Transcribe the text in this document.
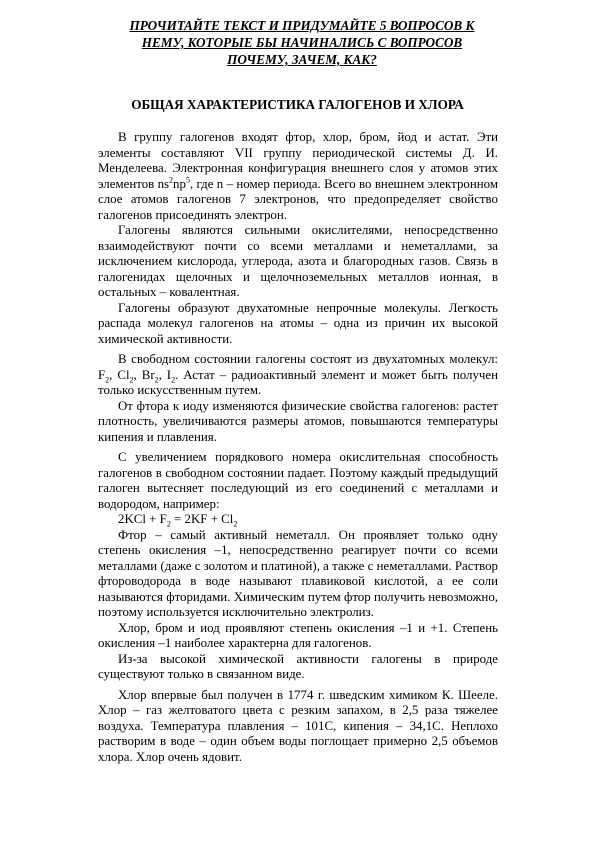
ПРОЧИТАЙТЕ ТЕКСТ И ПРИДУМАЙТЕ 5 ВОПРОСОВ К НЕМУ, КОТОРЫЕ БЫ НАЧИНАЛИСЬ С ВОПРОСОВ ПОЧЕМУ, ЗАЧЕМ, КАК?

ОБЩАЯ ХАРАКТЕРИСТИКА ГАЛОГЕНОВ И ХЛОРА

В группу галогенов входят фтор, хлор, бром, йод и астат. Эти элементы составляют VII группу периодической системы Д. И. Менделеева. Электронная конфигурация внешнего слоя у атомов этих элементов $ns^2np^5$, где n – номер периода. Всего во внешнем электронном слое атомов галогенов 7 электронов, что предопределяет свойство галогенов присоединять электрон.

Галогены являются сильными окислителями, непосредственно взаимодействуют почти со всеми металлами и неметаллами, за исключением кислорода, углерода, азота и благородных газов. Связь в галогенидах щелочных и щелочноземельных металлов ионная, в остальных – ковалентная.

Галогены образуют двухатомные непрочные молекулы. Легкость распада молекул галогенов на атомы – одна из причин их высокой химической активности.

В свободном состоянии галогены состоят из двухатомных молекул: $F_2$, $Cl_2$, $Br_2$, $I_2$. Астат – радиоактивный элемент и может быть получен только искусственным путем.

От фтора к иоду изменяются физические свойства галогенов: растет плотность, увеличиваются размеры атомов, повышаются температуры кипения и плавления.

С увеличением порядкового номера окислительная способность галогенов в свободном состоянии падает. Поэтому каждый предыдущий галоген вытесняет последующий из его соединений с металлами и водородом, например:

$2KCl + F_2 = 2KF + Cl_2$

Фтор – самый активный неметалл. Он проявляет только одну степень окисления –1, непосредственно реагирует почти со всеми металлами (даже с золотом и платиной), а также с неметаллами. Раствор фтороводорода в воде называют плавиковой кислотой, а ее соли называются фторидами. Химическим путем фтор получить невозможно, поэтому используется исключительно электролиз.

Хлор, бром и иод проявляют степень окисления –1 и +1. Степень окисления –1 наиболее характерна для галогенов.

Из-за высокой химической активности галогены в природе существуют только в связанном виде.

Хлор впервые был получен в 1774 г. шведским химиком К. Шееле. Хлор – газ желтоватого цвета с резким запахом, в 2,5 раза тяжелее воздуха. Температура плавления – 101С, кипения – 34,1С. Неплохо растворим в воде – один объем воды поглощает примерно 2,5 объемов хлора. Хлор очень ядовит.
